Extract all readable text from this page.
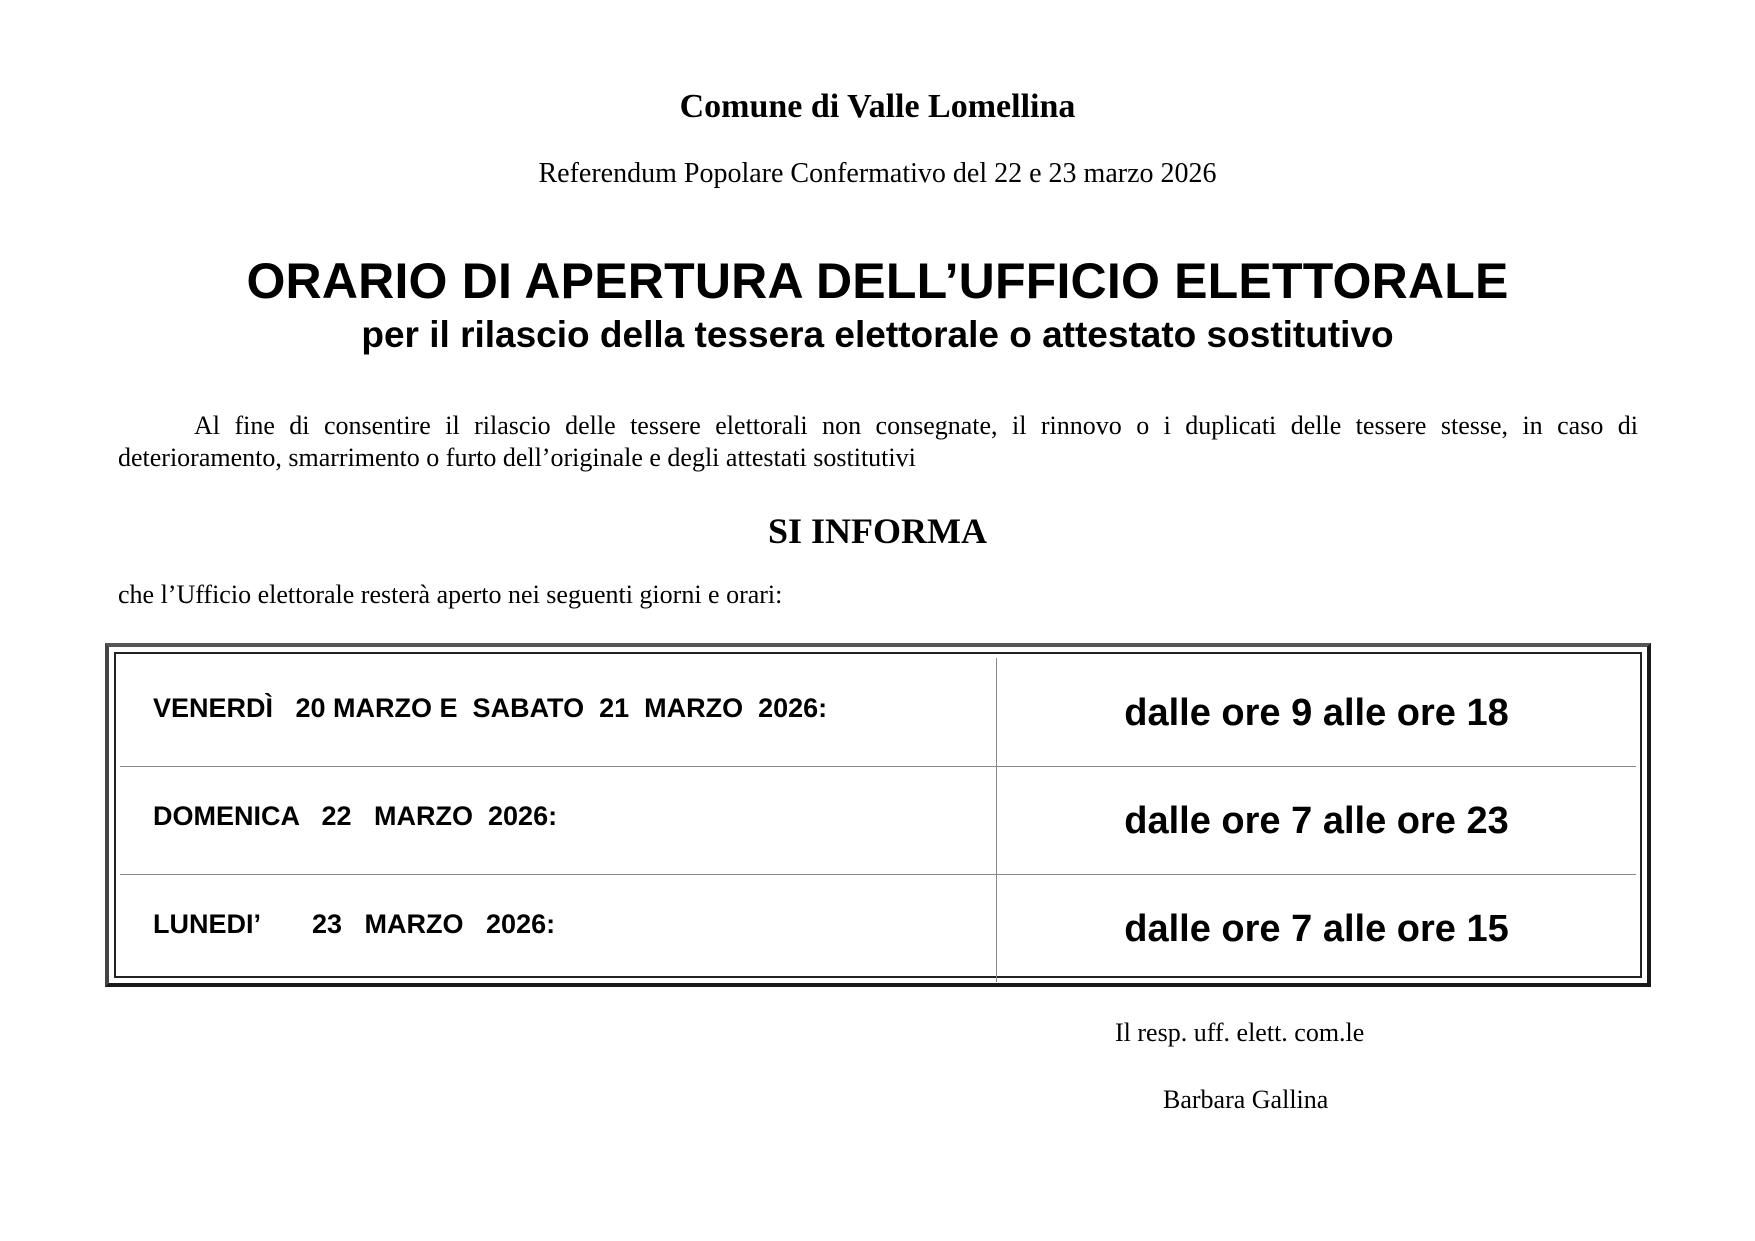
Comune di Valle Lomellina
Referendum Popolare Confermativo del 22 e 23 marzo 2026
ORARIO DI APERTURA DELL’UFFICIO ELETTORALE
per il rilascio della tessera elettorale o attestato sostitutivo
Al fine di consentire il rilascio delle tessere elettorali non consegnate, il rinnovo o i duplicati delle tessere stesse, in caso di deterioramento, smarrimento o furto dell’originale e degli attestati sostitutivi
SI INFORMA
che l’Ufficio elettorale resterà aperto nei seguenti giorni e orari:
VENERDÌ   20 MARZO E  SABATO  21  MARZO  2026:	dalle ore 9 alle ore 18
DOMENICA   22   MARZO  2026:	dalle ore 7 alle ore 23
LUNEDI’       23   MARZO   2026:	dalle ore 7 alle ore 15
Il resp. uff. elett. com.le
Barbara Gallina
